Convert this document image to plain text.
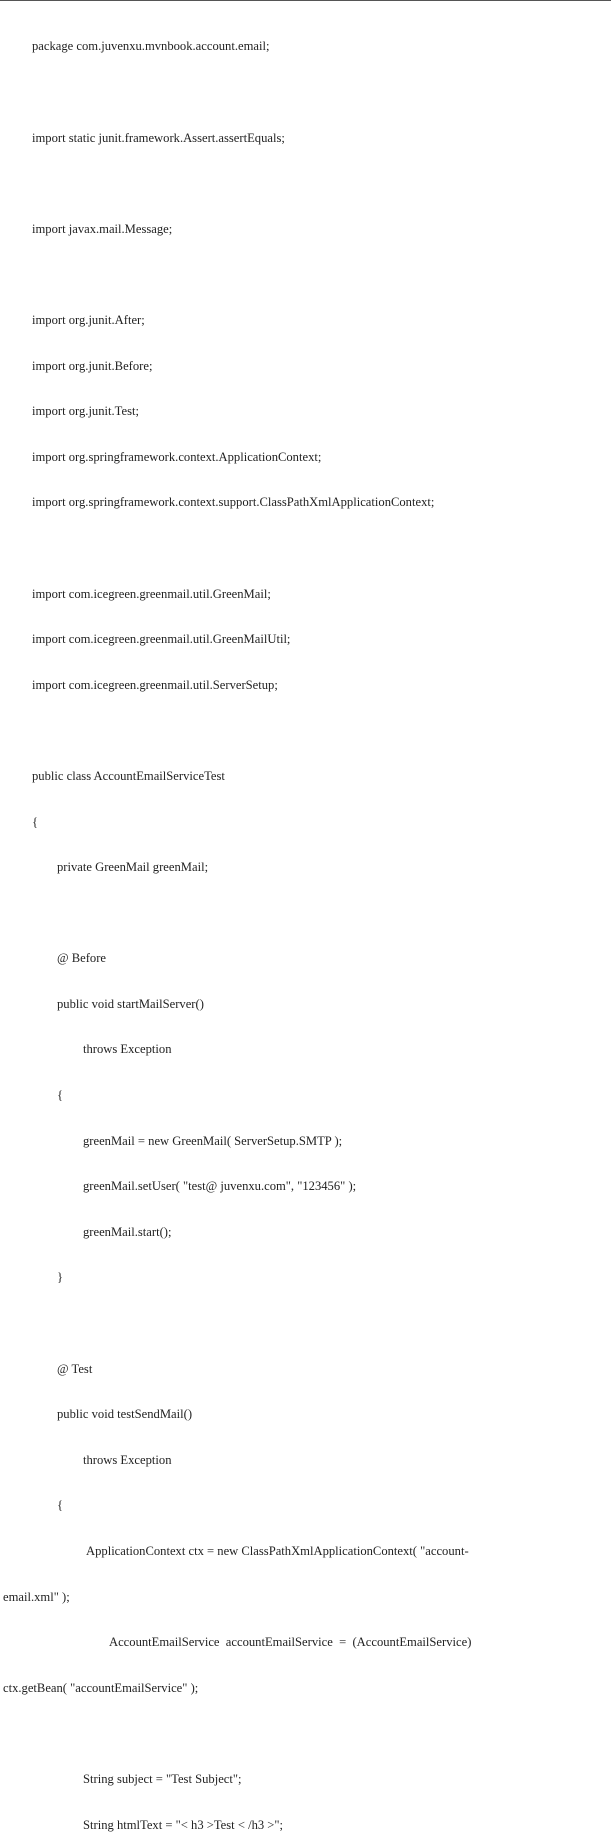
package com.juvenxu.mvnbook.account.email;

import static junit.framework.Assert.assertEquals;

import javax.mail.Message;

import org.junit.After;

import org.junit.Before;

import org.junit.Test;

import org.springframework.context.ApplicationContext;

import org.springframework.context.support.ClassPathXmlApplicationContext;

import com.icegreen.greenmail.util.GreenMail;

import com.icegreen.greenmail.util.GreenMailUtil;

import com.icegreen.greenmail.util.ServerSetup;

public class AccountEmailServiceTest

{

private GreenMail greenMail;

@ Before

public void startMailServer()

throws Exception

{

greenMail = new GreenMail( ServerSetup.SMTP );

greenMail.setUser( "test@ juvenxu.com", "123456" );

greenMail.start();

}

@ Test

public void testSendMail()

throws Exception

{

ApplicationContext ctx = new ClassPathXmlApplicationContext( "account-

email.xml" );

AccountEmailService  accountEmailService  =  (AccountEmailService)

ctx.getBean( "accountEmailService" );

String subject = "Test Subject";

String htmlText = "< h3 >Test < /h3 >";
